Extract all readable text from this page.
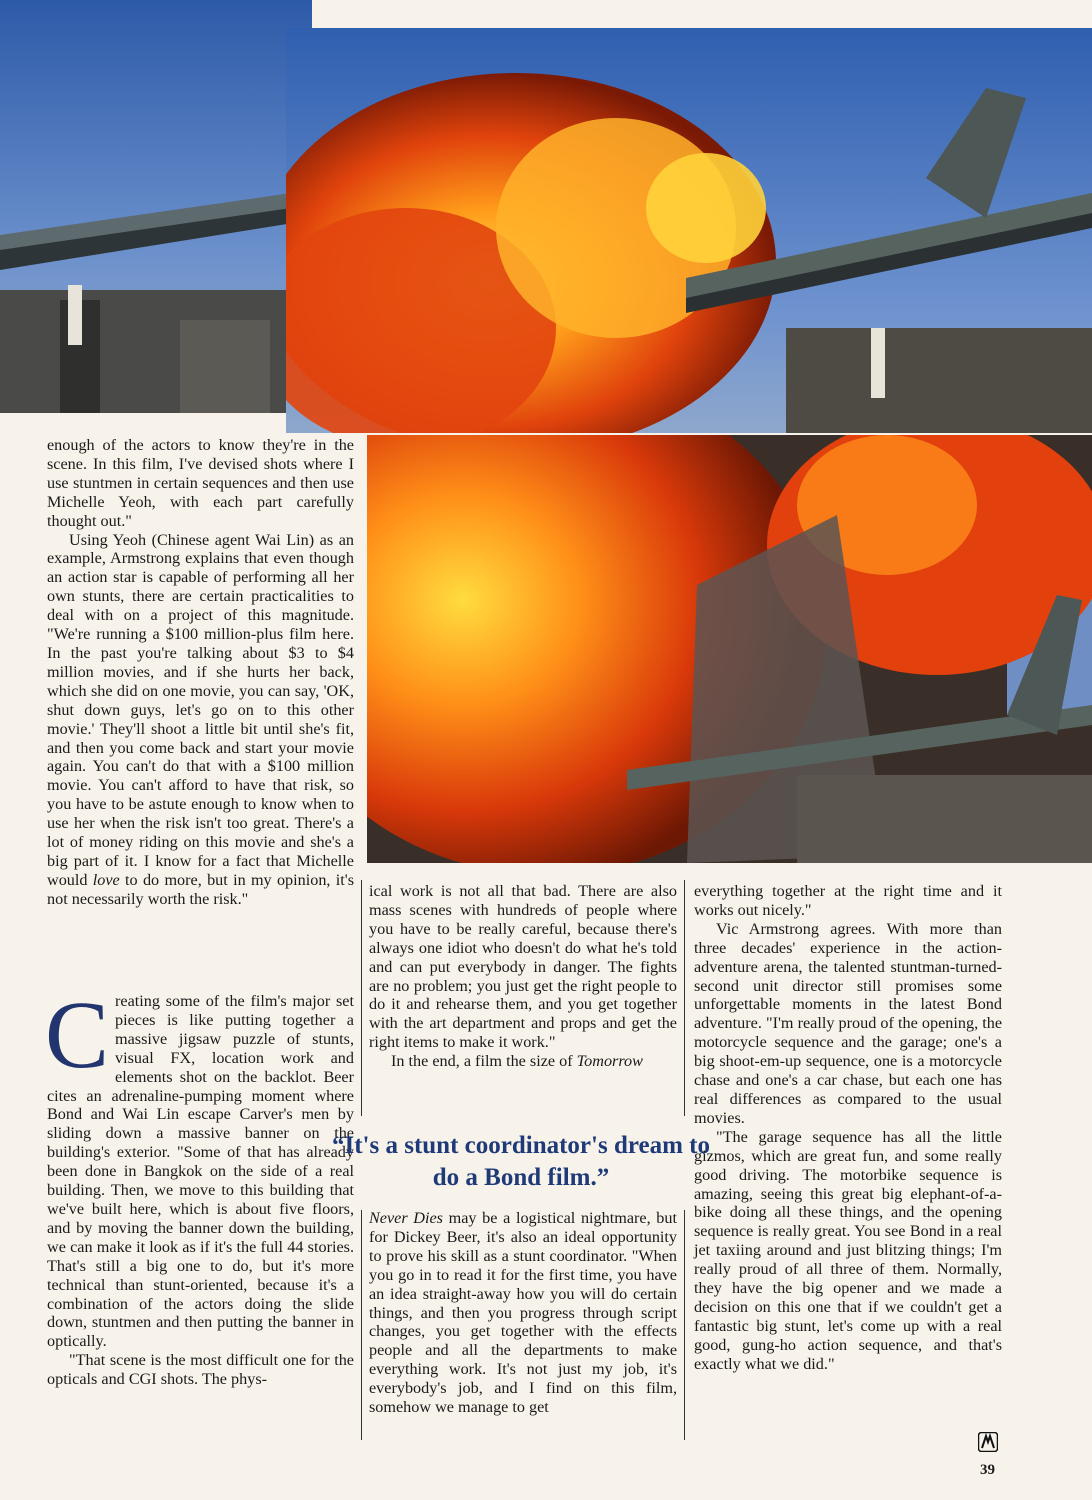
enough of the actors to know they're in the scene. In this film, I've devised shots where I use stuntmen in certain sequences and then use Michelle Yeoh, with each part carefully thought out."

Using Yeoh (Chinese agent Wai Lin) as an example, Armstrong explains that even though an action star is capable of performing all her own stunts, there are certain practicalities to deal with on a project of this magnitude. "We're running a $100 million-plus film here. In the past you're talking about $3 to $4 million movies, and if she hurts her back, which she did on one movie, you can say, 'OK, shut down guys, let's go on to this other movie.' They'll shoot a little bit until she's fit, and then you come back and start your movie again. You can't do that with a $100 million movie. You can't afford to have that risk, so you have to be astute enough to know when to use her when the risk isn't too great. There's a lot of money riding on this movie and she's a big part of it. I know for a fact that Michelle would love to do more, but in my opinion, it's not necessarily worth the risk."

Creating some of the film's major set pieces is like putting together a massive jigsaw puzzle of stunts, visual FX, location work and elements shot on the backlot. Beer cites an adrenaline-pumping moment where Bond and Wai Lin escape Carver's men by sliding down a massive banner on the building's exterior. "Some of that has already been done in Bangkok on the side of a real building. Then, we move to this building that we've built here, which is about five floors, and by moving the banner down the building, we can make it look as if it's the full 44 stories. That's still a big one to do, but it's more technical than stunt-oriented, because it's a combination of the actors doing the slide down, stuntmen and then putting the banner in optically.

"That scene is the most difficult one for the opticals and CGI shots. The phys-

ical work is not all that bad. There are also mass scenes with hundreds of people where you have to be really careful, because there's always one idiot who doesn't do what he's told and can put everybody in danger. The fights are no problem; you just get the right people to do it and rehearse them, and you get together with the art department and props and get the right items to make it work."

In the end, a film the size of Tomorrow

“It's a stunt coordinator's dream to do a Bond film.”

Never Dies may be a logistical nightmare, but for Dickey Beer, it's also an ideal opportunity to prove his skill as a stunt coordinator. "When you go in to read it for the first time, you have an idea straight-away how you will do certain things, and then you progress through script changes, you get together with the effects people and all the departments to make everything work. It's not just my job, it's everybody's job, and I find on this film, somehow we manage to get

everything together at the right time and it works out nicely."

Vic Armstrong agrees. With more than three decades' experience in the action-adventure arena, the talented stuntman-turned-second unit director still promises some unforgettable moments in the latest Bond adventure. "I'm really proud of the opening, the motorcycle sequence and the garage; one's a big shoot-em-up sequence, one is a motorcycle chase and one's a car chase, but each one has real differences as compared to the usual movies.

"The garage sequence has all the little gizmos, which are great fun, and some really good driving. The motorbike sequence is amazing, seeing this great big elephant-of-a-bike doing all these things, and the opening sequence is really great. You see Bond in a real jet taxiing around and just blitzing things; I'm really proud of all three of them. Normally, they have the big opener and we made a decision on this one that if we couldn't get a fantastic big stunt, let's come up with a real good, gung-ho action sequence, and that's exactly what we did."

39
